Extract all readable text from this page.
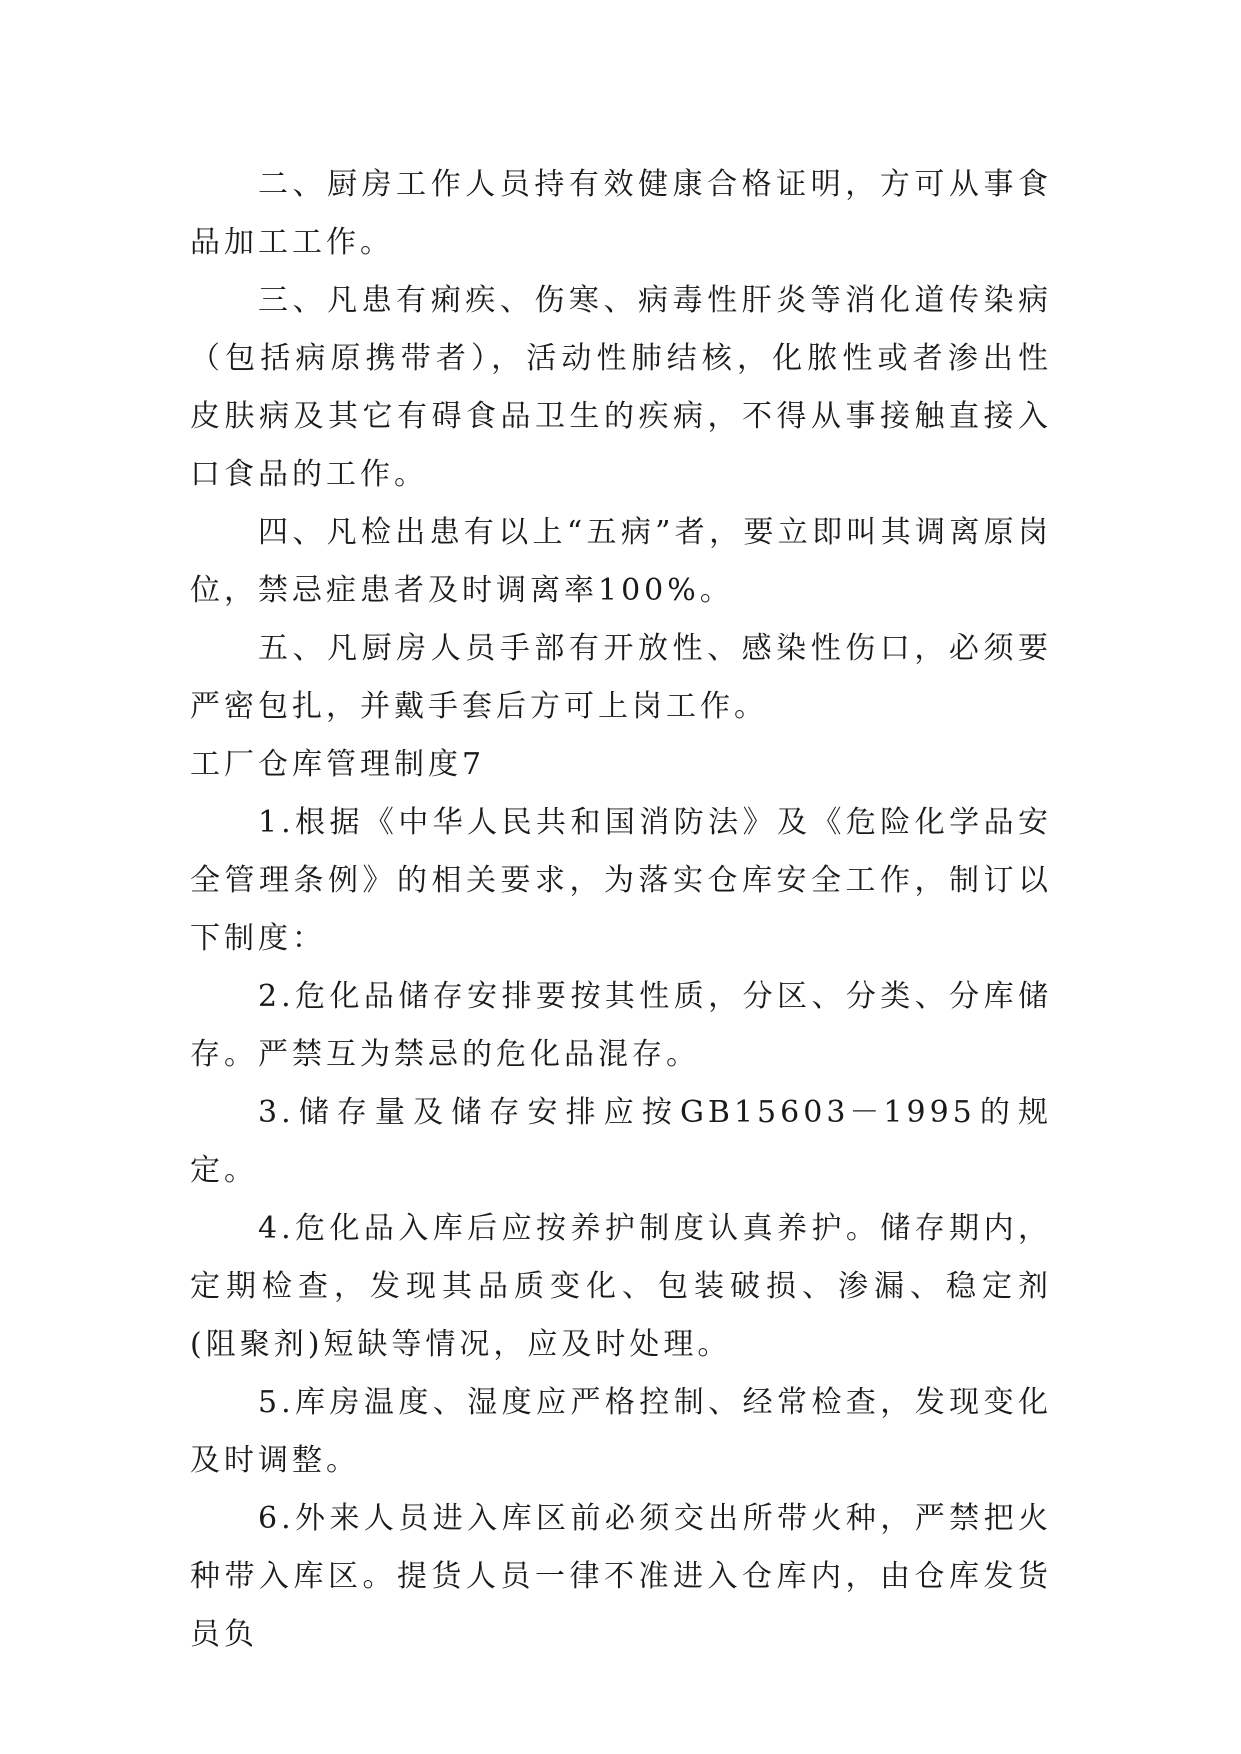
二、厨房工作人员持有效健康合格证明，方可从事食品加工工作。

三、凡患有痢疾、伤寒、病毒性肝炎等消化道传染病（包括病原携带者），活动性肺结核，化脓性或者渗出性皮肤病及其它有碍食品卫生的疾病，不得从事接触直接入口食品的工作。

四、凡检出患有以上“五病”者，要立即叫其调离原岗位，禁忌症患者及时调离率100%。

五、凡厨房人员手部有开放性、感染性伤口，必须要严密包扎，并戴手套后方可上岗工作。

工厂仓库管理制度7

1.根据《中华人民共和国消防法》及《危险化学品安全管理条例》的相关要求，为落实仓库安全工作，制订以下制度：

2.危化品储存安排要按其性质，分区、分类、分库储存。严禁互为禁忌的危化品混存。

3.储存量及储存安排应按GB15603－1995的规定。

4.危化品入库后应按养护制度认真养护。储存期内，定期检查，发现其品质变化、包装破损、渗漏、稳定剂(阻聚剂)短缺等情况，应及时处理。

5.库房温度、湿度应严格控制、经常检查，发现变化及时调整。

6.外来人员进入库区前必须交出所带火种，严禁把火种带入库区。提货人员一律不准进入仓库内，由仓库发货员负
